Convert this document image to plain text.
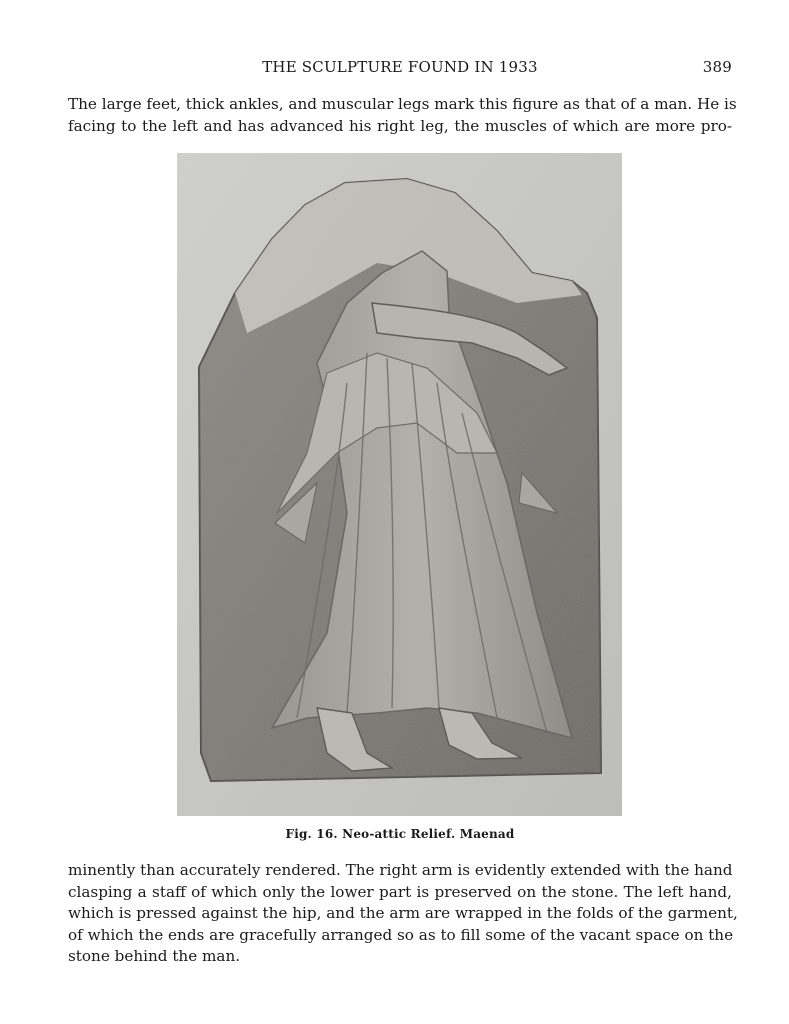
THE SCULPTURE FOUND IN 1933	389

The large feet, thick ankles, and muscular legs mark this figure as that of a man. He is
facing to the left and has advanced his right leg, the muscles of which are more pro-

Fig. 16. Neo-attic Relief. Maenad

minently than accurately rendered. The right arm is evidently extended with the hand
clasping a staff of which only the lower part is preserved on the stone. The left hand,
which is pressed against the hip, and the arm are wrapped in the folds of the garment,
of which the ends are gracefully arranged so as to fill some of the vacant space on the
stone behind the man.
